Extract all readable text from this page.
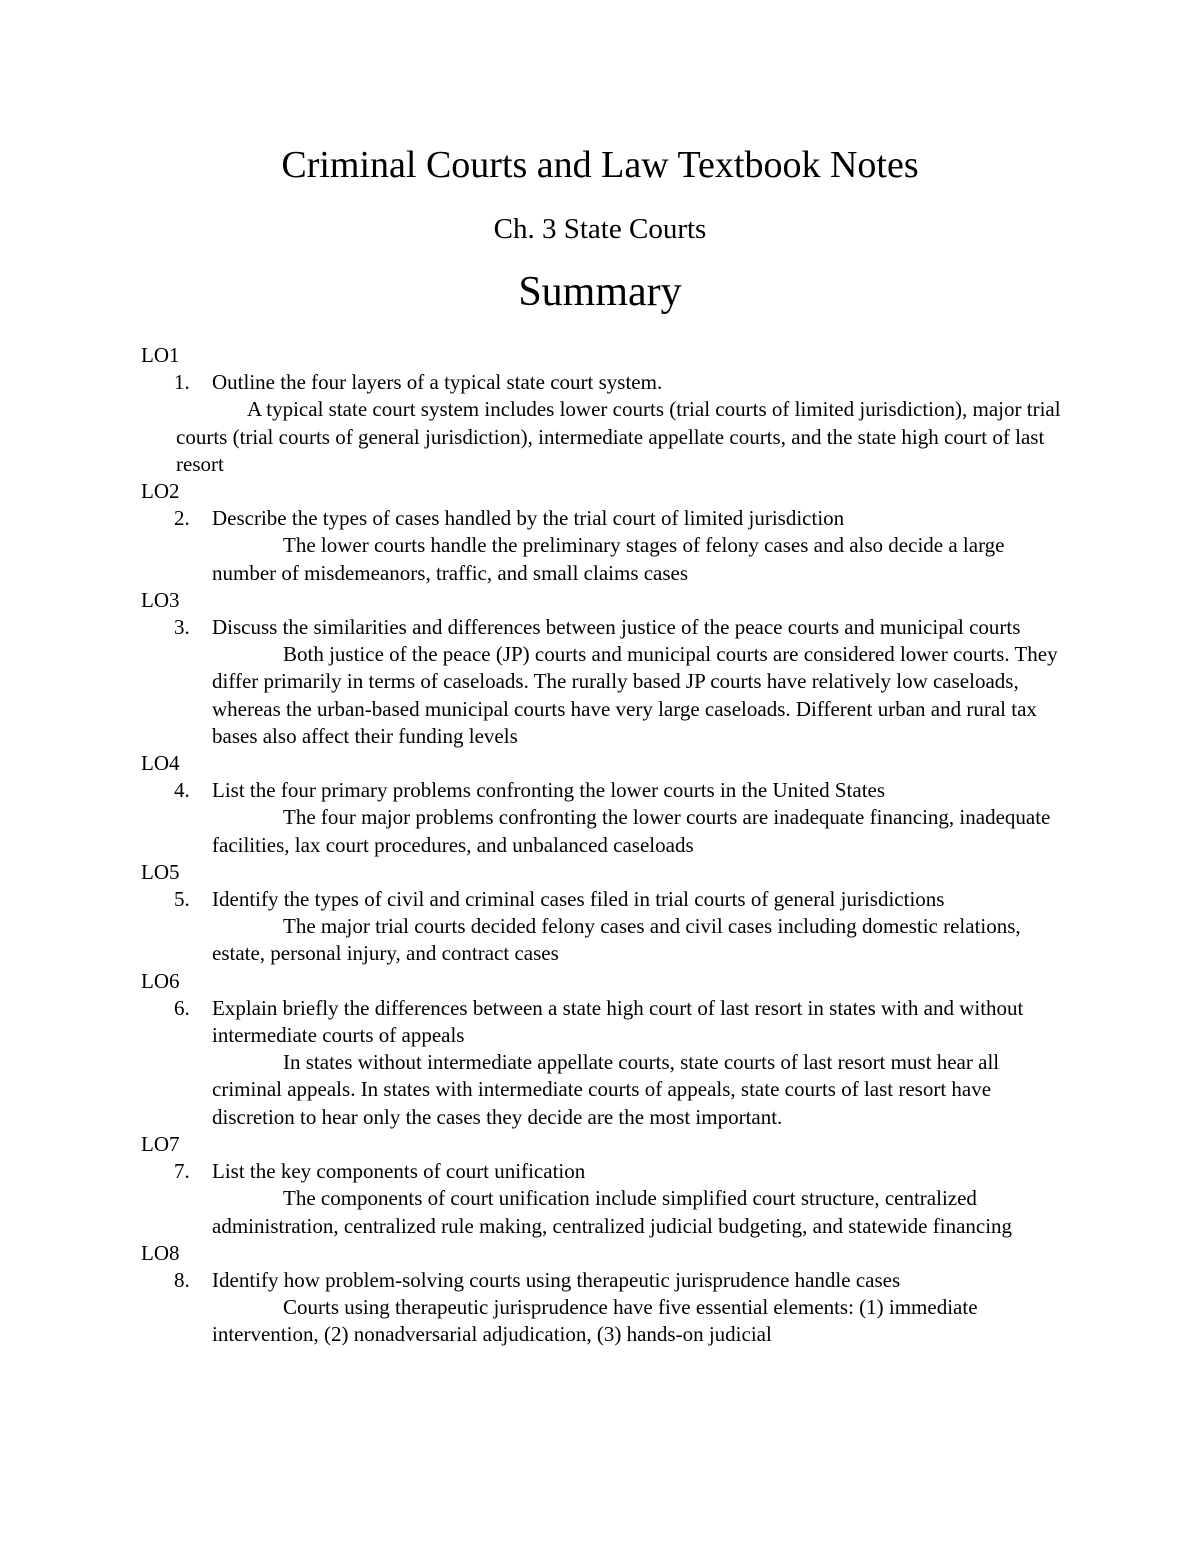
Criminal Courts and Law Textbook Notes
Ch. 3 State Courts
Summary
LO1
1. Outline the four layers of a typical state court system.
A typical state court system includes lower courts (trial courts of limited jurisdiction), major trial courts (trial courts of general jurisdiction), intermediate appellate courts, and the state high court of last resort
LO2
2. Describe the types of cases handled by the trial court of limited jurisdiction
The lower courts handle the preliminary stages of felony cases and also decide a large number of misdemeanors, traffic, and small claims cases
LO3
3. Discuss the similarities and differences between justice of the peace courts and municipal courts
Both justice of the peace (JP) courts and municipal courts are considered lower courts. They differ primarily in terms of caseloads. The rurally based JP courts have relatively low caseloads, whereas the urban-based municipal courts have very large caseloads. Different urban and rural tax bases also affect their funding levels
LO4
4. List the four primary problems confronting the lower courts in the United States
The four major problems confronting the lower courts are inadequate financing, inadequate facilities, lax court procedures, and unbalanced caseloads
LO5
5. Identify the types of civil and criminal cases filed in trial courts of general jurisdictions
The major trial courts decided felony cases and civil cases including domestic relations, estate, personal injury, and contract cases
LO6
6. Explain briefly the differences between a state high court of last resort in states with and without intermediate courts of appeals
In states without intermediate appellate courts, state courts of last resort must hear all criminal appeals. In states with intermediate courts of appeals, state courts of last resort have discretion to hear only the cases they decide are the most important.
LO7
7. List the key components of court unification
The components of court unification include simplified court structure, centralized administration, centralized rule making, centralized judicial budgeting, and statewide financing
LO8
8. Identify how problem-solving courts using therapeutic jurisprudence handle cases
Courts using therapeutic jurisprudence have five essential elements: (1) immediate intervention, (2) nonadversarial adjudication, (3) hands-on judicial
